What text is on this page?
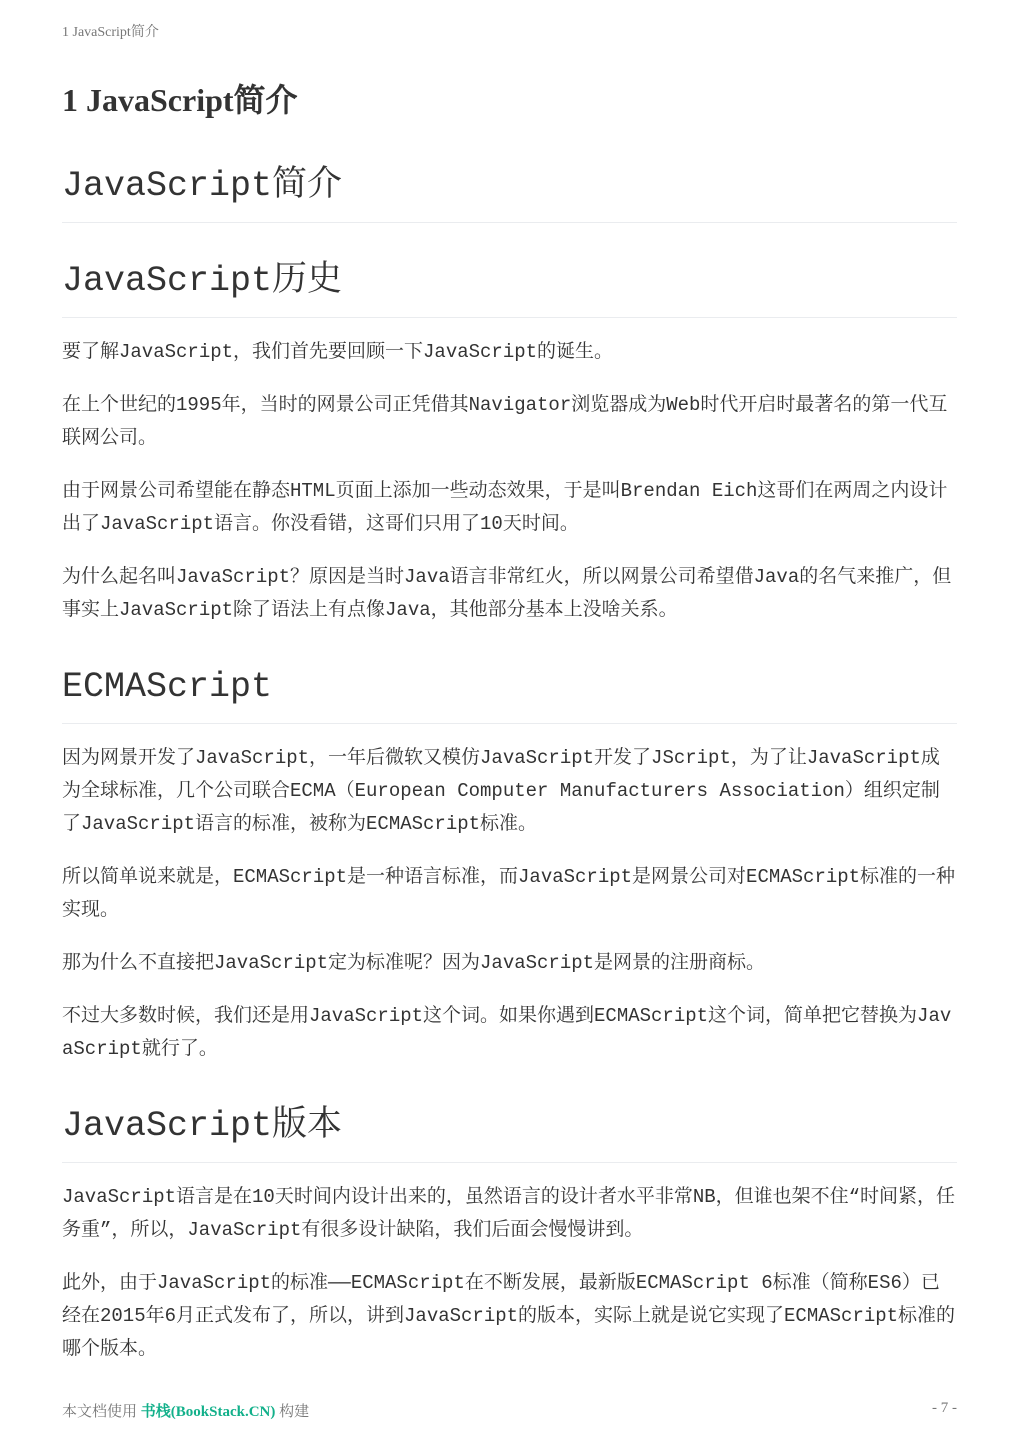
1 JavaScript简介
1 JavaScript简介
JavaScript简介
JavaScript历史

要了解JavaScript，我们首先要回顾一下JavaScript的诞生。

在上个世纪的1995年，当时的网景公司正凭借其Navigator浏览器成为Web时代开启时最著名的第一代互联网公司。

由于网景公司希望能在静态HTML页面上添加一些动态效果，于是叫Brendan Eich这哥们在两周之内设计出了JavaScript语言。你没看错，这哥们只用了10天时间。

为什么起名叫JavaScript？原因是当时Java语言非常红火，所以网景公司希望借Java的名气来推广，但事实上JavaScript除了语法上有点像Java，其他部分基本上没啥关系。

ECMAScript

因为网景开发了JavaScript，一年后微软又模仿JavaScript开发了JScript，为了让JavaScript成为全球标准，几个公司联合ECMA（European Computer Manufacturers Association）组织定制了JavaScript语言的标准，被称为ECMAScript标准。

所以简单说来就是，ECMAScript是一种语言标准，而JavaScript是网景公司对ECMAScript标准的一种实现。

那为什么不直接把JavaScript定为标准呢？因为JavaScript是网景的注册商标。

不过大多数时候，我们还是用JavaScript这个词。如果你遇到ECMAScript这个词，简单把它替换为JavaScript就行了。

JavaScript版本

JavaScript语言是在10天时间内设计出来的，虽然语言的设计者水平非常NB，但谁也架不住“时间紧，任务重”，所以，JavaScript有很多设计缺陷，我们后面会慢慢讲到。

此外，由于JavaScript的标准——ECMAScript在不断发展，最新版ECMAScript 6标准（简称ES6）已经在2015年6月正式发布了，所以，讲到JavaScript的版本，实际上就是说它实现了ECMAScript标准的哪个版本。

本文档使用 书栈(BookStack.CN) 构建	- 7 -
